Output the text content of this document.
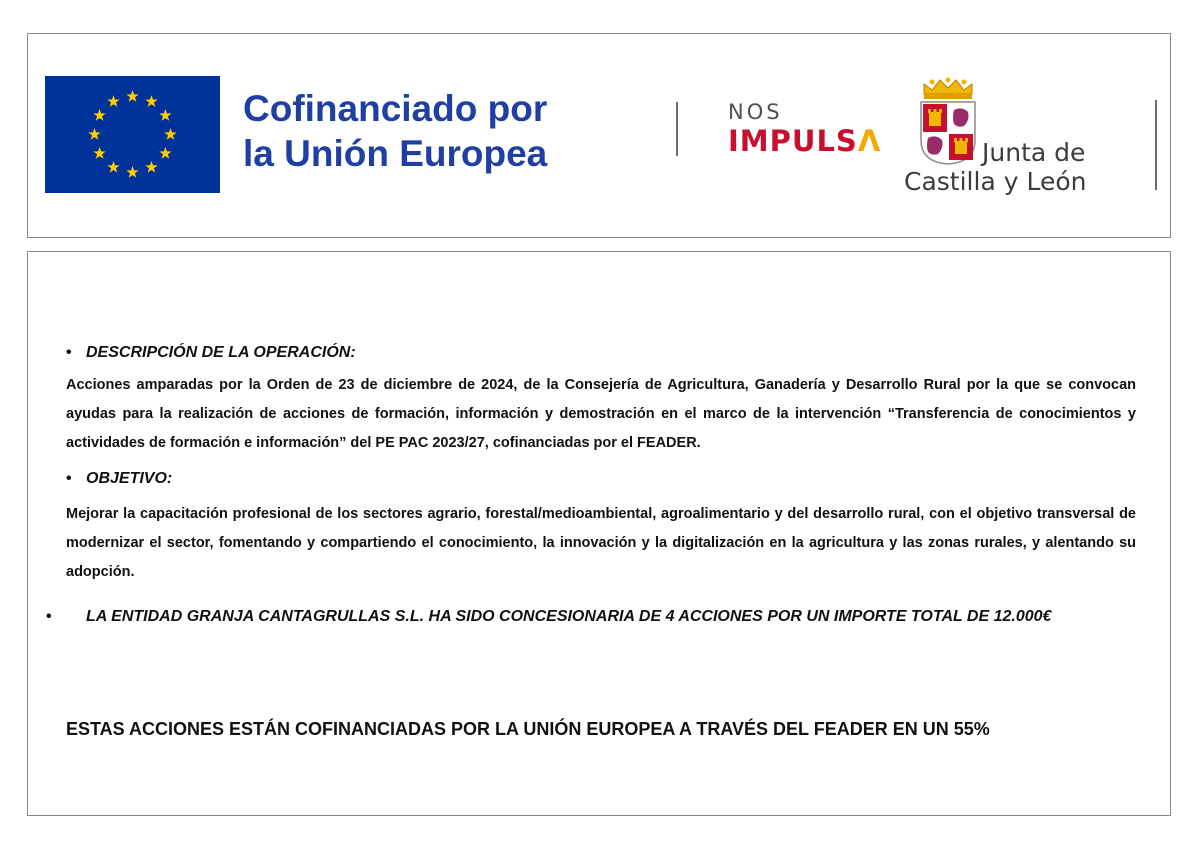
Cofinanciado por
la Unión Europea
NOS
IMPULSΛ	Junta de
Castilla y León
• DESCRIPCIÓN DE LA OPERACIÓN:

Acciones amparadas por la Orden de 23 de diciembre de 2024, de la Consejería de Agricultura, Ganadería y Desarrollo Rural por la que se convocan ayudas para la realización de acciones de formación, información y demostración en el marco de la intervención “Transferencia de conocimientos y actividades de formación e información” del PE PAC 2023/27, cofinanciadas por el FEADER.

• OBJETIVO:

Mejorar la capacitación profesional de los sectores agrario, forestal/medioambiental, agroalimentario y del desarrollo rural, con el objetivo transversal de modernizar el sector, fomentando y compartiendo el conocimiento, la innovación y la digitalización en la agricultura y las zonas rurales, y alentando su adopción.

• LA ENTIDAD GRANJA CANTAGRULLAS S.L. HA SIDO CONCESIONARIA DE 4 ACCIONES POR UN IMPORTE TOTAL DE 12.000€

ESTAS ACCIONES ESTÁN COFINANCIADAS POR LA UNIÓN EUROPEA A TRAVÉS DEL FEADER EN UN 55%
